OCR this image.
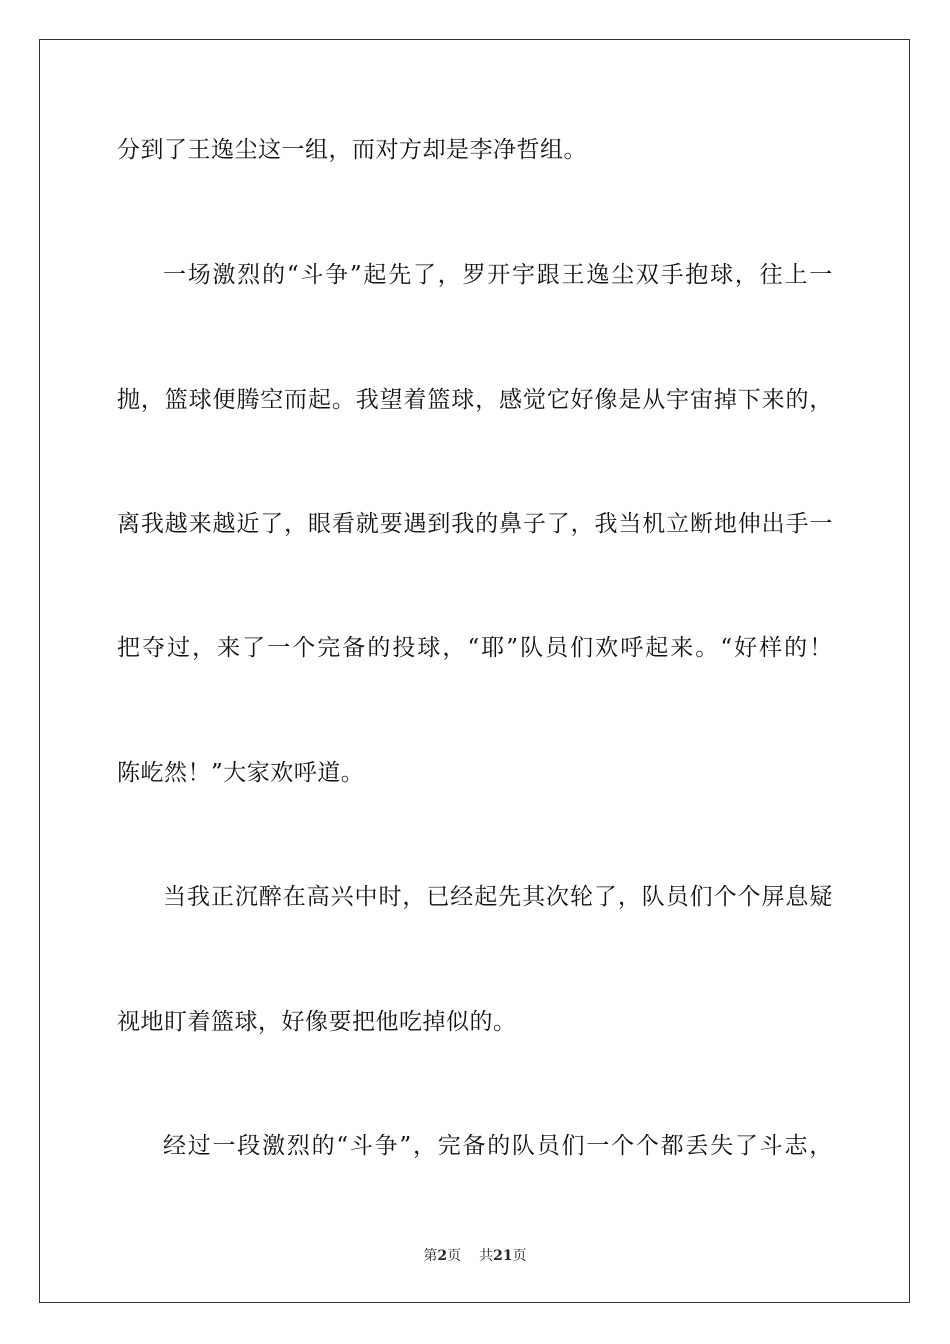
分到了王逸尘这一组，而对方却是李净哲组。
一 场 激 烈 的 “ 斗 争 ” 起 先 了 ， 罗 开 宇 跟 王 逸 尘 双 手 抱 球 ， 往 上 一
抛 ， 篮 球 便 腾 空 而 起 。 我 望 着 篮 球 ， 感 觉 它 好 像 是 从 宇 宙 掉 下 来 的 ，
离 我 越 来 越 近 了 ， 眼 看 就 要 遇 到 我 的 鼻 子 了 ， 我 当 机 立 断 地 伸 出 手 一
把 夺 过 ， 来 了 一 个 完 备 的 投 球 ， “ 耶 ” 队 员 们 欢 呼 起 来 。 “ 好 样 的 ！
陈屹然！”大家欢呼道。
当 我 正 沉 醉 在 高 兴 中 时 ， 已 经 起 先 其 次 轮 了 ， 队 员 们 个 个 屏 息 疑
视地盯着篮球，好像要把他吃掉似的。
经 过 一 段 激 烈 的 “ 斗 争 ” ， 完 备 的 队 员 们 一 个 个 都 丢 失 了 斗 志 ，
第2页 共21页
